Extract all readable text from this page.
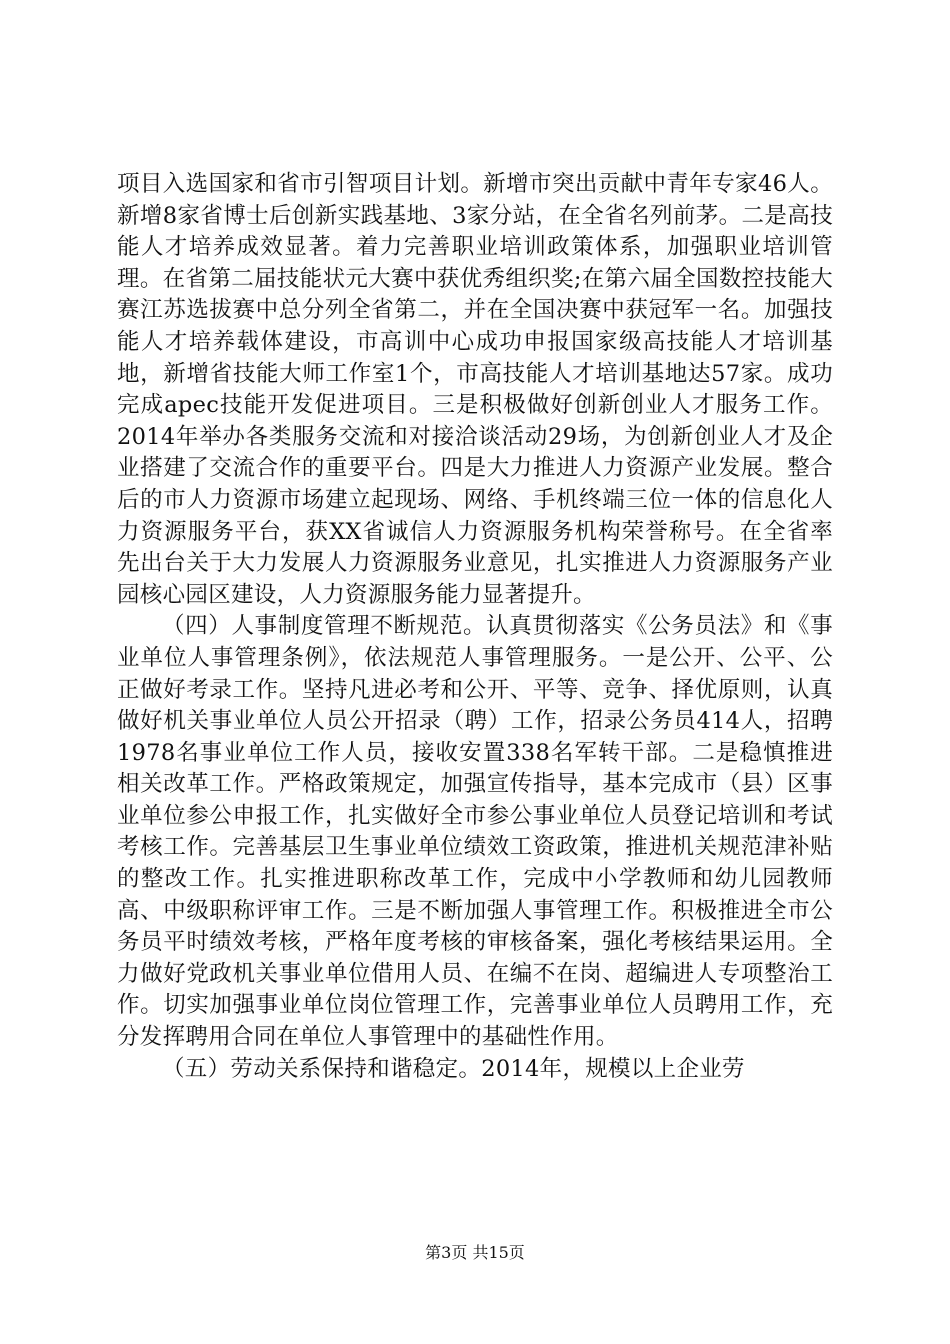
项目入选国家和省市引智项目计划。新增市突出贡献中青年专家46人。新增8家省博士后创新实践基地、3家分站，在全省名列前茅。二是高技能人才培养成效显著。着力完善职业培训政策体系，加强职业培训管理。在省第二届技能状元大赛中获优秀组织奖;在第六届全国数控技能大赛江苏选拔赛中总分列全省第二，并在全国决赛中获冠军一名。加强技能人才培养载体建设，市高训中心成功申报国家级高技能人才培训基地，新增省技能大师工作室1个，市高技能人才培训基地达57家。成功完成apec技能开发促进项目。三是积极做好创新创业人才服务工作。2014年举办各类服务交流和对接洽谈活动29场，为创新创业人才及企业搭建了交流合作的重要平台。四是大力推进人力资源产业发展。整合后的市人力资源市场建立起现场、网络、手机终端三位一体的信息化人力资源服务平台，获XX省诚信人力资源服务机构荣誉称号。在全省率先出台关于大力发展人力资源服务业意见，扎实推进人力资源服务产业园核心园区建设，人力资源服务能力显著提升。

（四）人事制度管理不断规范。认真贯彻落实《公务员法》和《事业单位人事管理条例》，依法规范人事管理服务。一是公开、公平、公正做好考录工作。坚持凡进必考和公开、平等、竞争、择优原则，认真做好机关事业单位人员公开招录（聘）工作，招录公务员414人，招聘1978名事业单位工作人员，接收安置338名军转干部。二是稳慎推进相关改革工作。严格政策规定，加强宣传指导，基本完成市（县）区事业单位参公申报工作，扎实做好全市参公事业单位人员登记培训和考试考核工作。完善基层卫生事业单位绩效工资政策，推进机关规范津补贴的整改工作。扎实推进职称改革工作，完成中小学教师和幼儿园教师高、中级职称评审工作。三是不断加强人事管理工作。积极推进全市公务员平时绩效考核，严格年度考核的审核备案，强化考核结果运用。全力做好党政机关事业单位借用人员、在编不在岗、超编进人专项整治工作。切实加强事业单位岗位管理工作，完善事业单位人员聘用工作，充分发挥聘用合同在单位人事管理中的基础性作用。

（五）劳动关系保持和谐稳定。2014年，规模以上企业劳

第3页 共15页
